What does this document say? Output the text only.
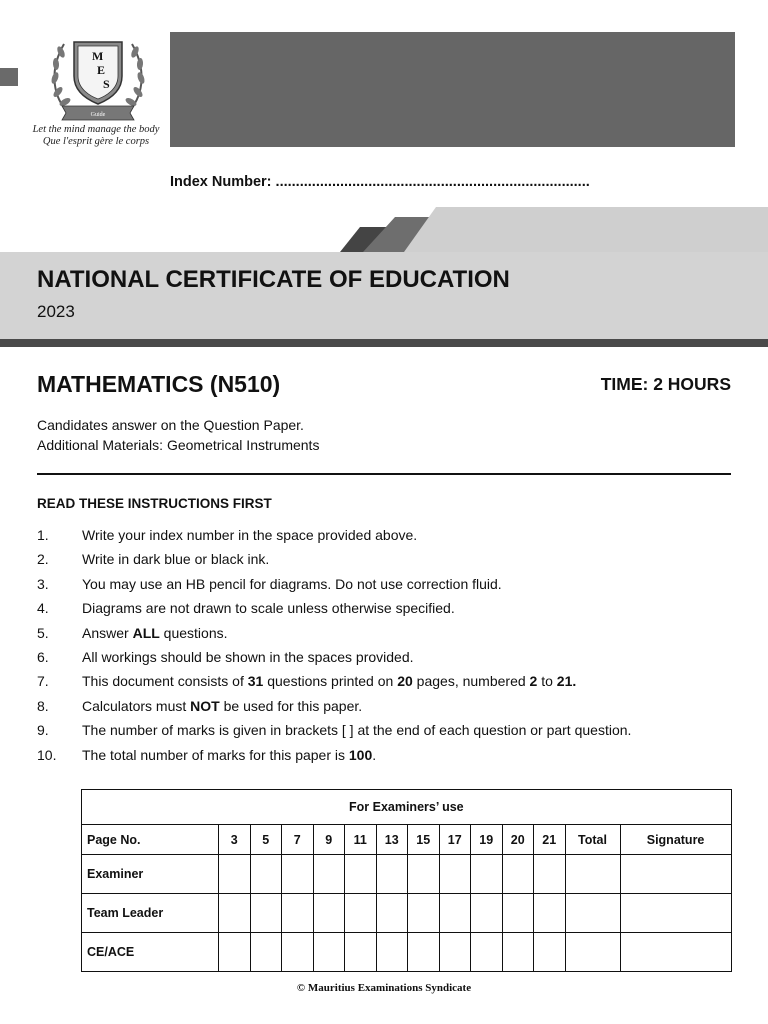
M
E
S
Guide
Let the mind manage the body
Que l'esprit gère le corps
Index Number: ..............................................................................
NATIONAL CERTIFICATE OF EDUCATION
2023
MATHEMATICS (N510)	TIME: 2 HOURS
Candidates answer on the Question Paper.
Additional Materials: Geometrical Instruments
READ THESE INSTRUCTIONS FIRST
1. Write your index number in the space provided above.
2. Write in dark blue or black ink.
3. You may use an HB pencil for diagrams. Do not use correction fluid.
4. Diagrams are not drawn to scale unless otherwise specified.
5. Answer ALL questions.
6. All workings should be shown in the spaces provided.
7. This document consists of 31 questions printed on 20 pages, numbered 2 to 21.
8. Calculators must NOT be used for this paper.
9. The number of marks is given in brackets [ ] at the end of each question or part question.
10. The total number of marks for this paper is 100.
For Examiners’ use													
Page No.	3	5	7	9	11	13	15	17	19	20	21	Total	Signature
Examiner													
Team Leader													
CE/ACE													
© Mauritius Examinations Syndicate
